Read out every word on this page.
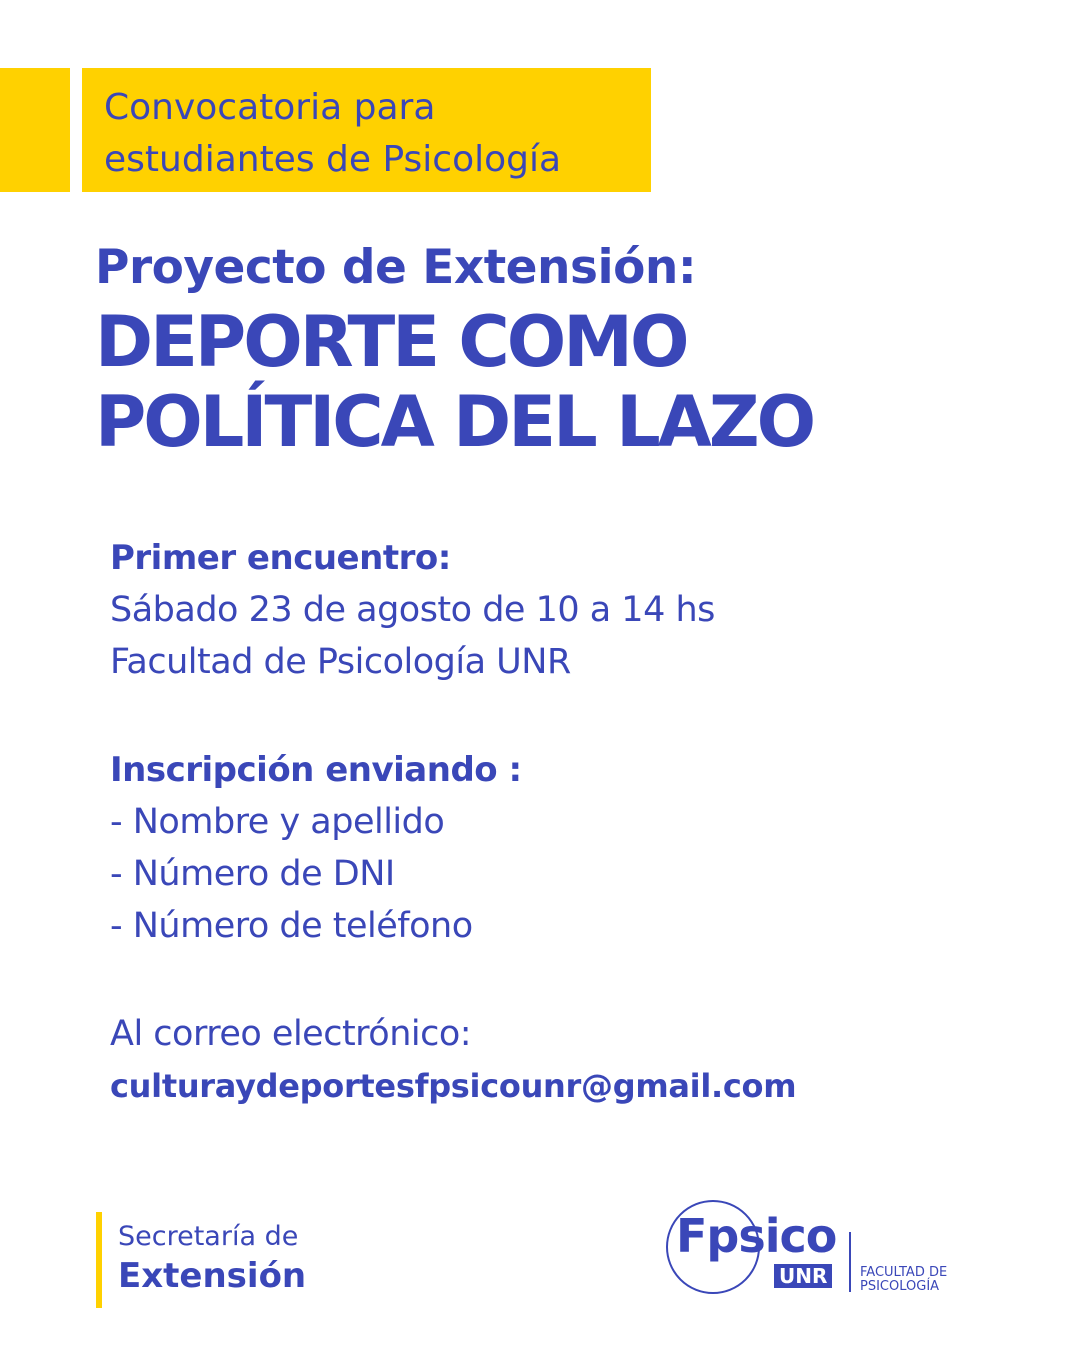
Convocatoria para
estudiantes de Psicología
Proyecto de Extensión:
DEPORTE COMO
POLÍTICA DEL LAZO
Primer encuentro:
Sábado 23 de agosto de 10 a 14 hs
Facultad de Psicología UNR
Inscripción enviando :
- Nombre y apellido
- Número de DNI
- Número de teléfono
Al correo electrónico:
culturaydeportesfpsicounr@gmail.com
Secretaría de
Extensión
Fpsico
UNR	FACULTAD DE
PSICOLOGÍA
